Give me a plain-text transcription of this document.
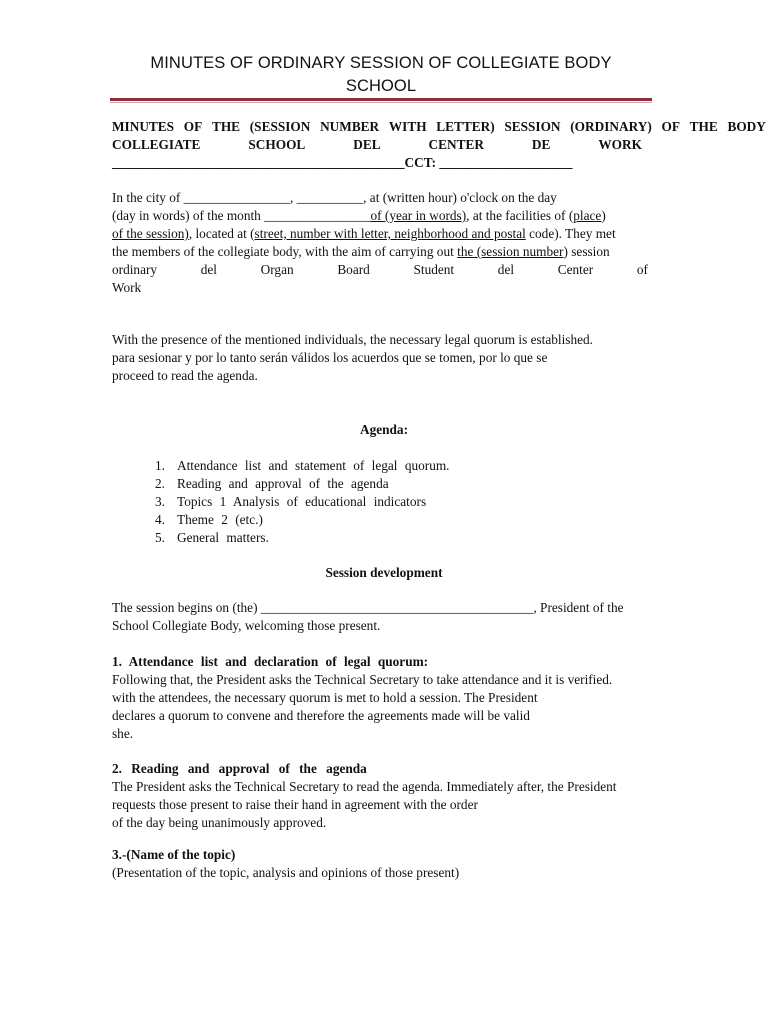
MINUTES OF ORDINARY SESSION OF COLLEGIATE BODY
SCHOOL
MINUTES OF THE (SESSION NUMBER WITH LETTER) SESSION (ORDINARY) OF THE BODY
COLLEGIATE	SCHOOL	DEL	CENTER	DE	WORK
____________________________________________CCT: ____________________
In the city of ________________, __________, at (written hour) o'clock on the day
(day in words) of the month ________________of (year in words), at the facilities of (place)
of the session), located at (street, number with letter, neighborhood and postal code). They met
the members of the collegiate body, with the aim of carrying out the (session number) session
ordinary	del	Organ	Board	Student	del	Center	of
Work
With the presence of the mentioned individuals, the necessary legal quorum is established.
para sesionar y por lo tanto serán válidos los acuerdos que se tomen, por lo que se
proceed to read the agenda.
Agenda:
1. Attendance list and statement of legal quorum.
2. Reading and approval of the agenda
3. Topics 1 Analysis of educational indicators
4. Theme 2 (etc.)
5. General matters.
Session development
The session begins on (the) _________________________________________, President of the
School Collegiate Body, welcoming those present.
1. Attendance list and declaration of legal quorum:
Following that, the President asks the Technical Secretary to take attendance and it is verified.
with the attendees, the necessary quorum is met to hold a session. The President
declares a quorum to convene and therefore the agreements made will be valid
she.
2. Reading and approval of the agenda
The President asks the Technical Secretary to read the agenda. Immediately after, the President
requests those present to raise their hand in agreement with the order
of the day being unanimously approved.
3.-(Name of the topic)
(Presentation of the topic, analysis and opinions of those present)
